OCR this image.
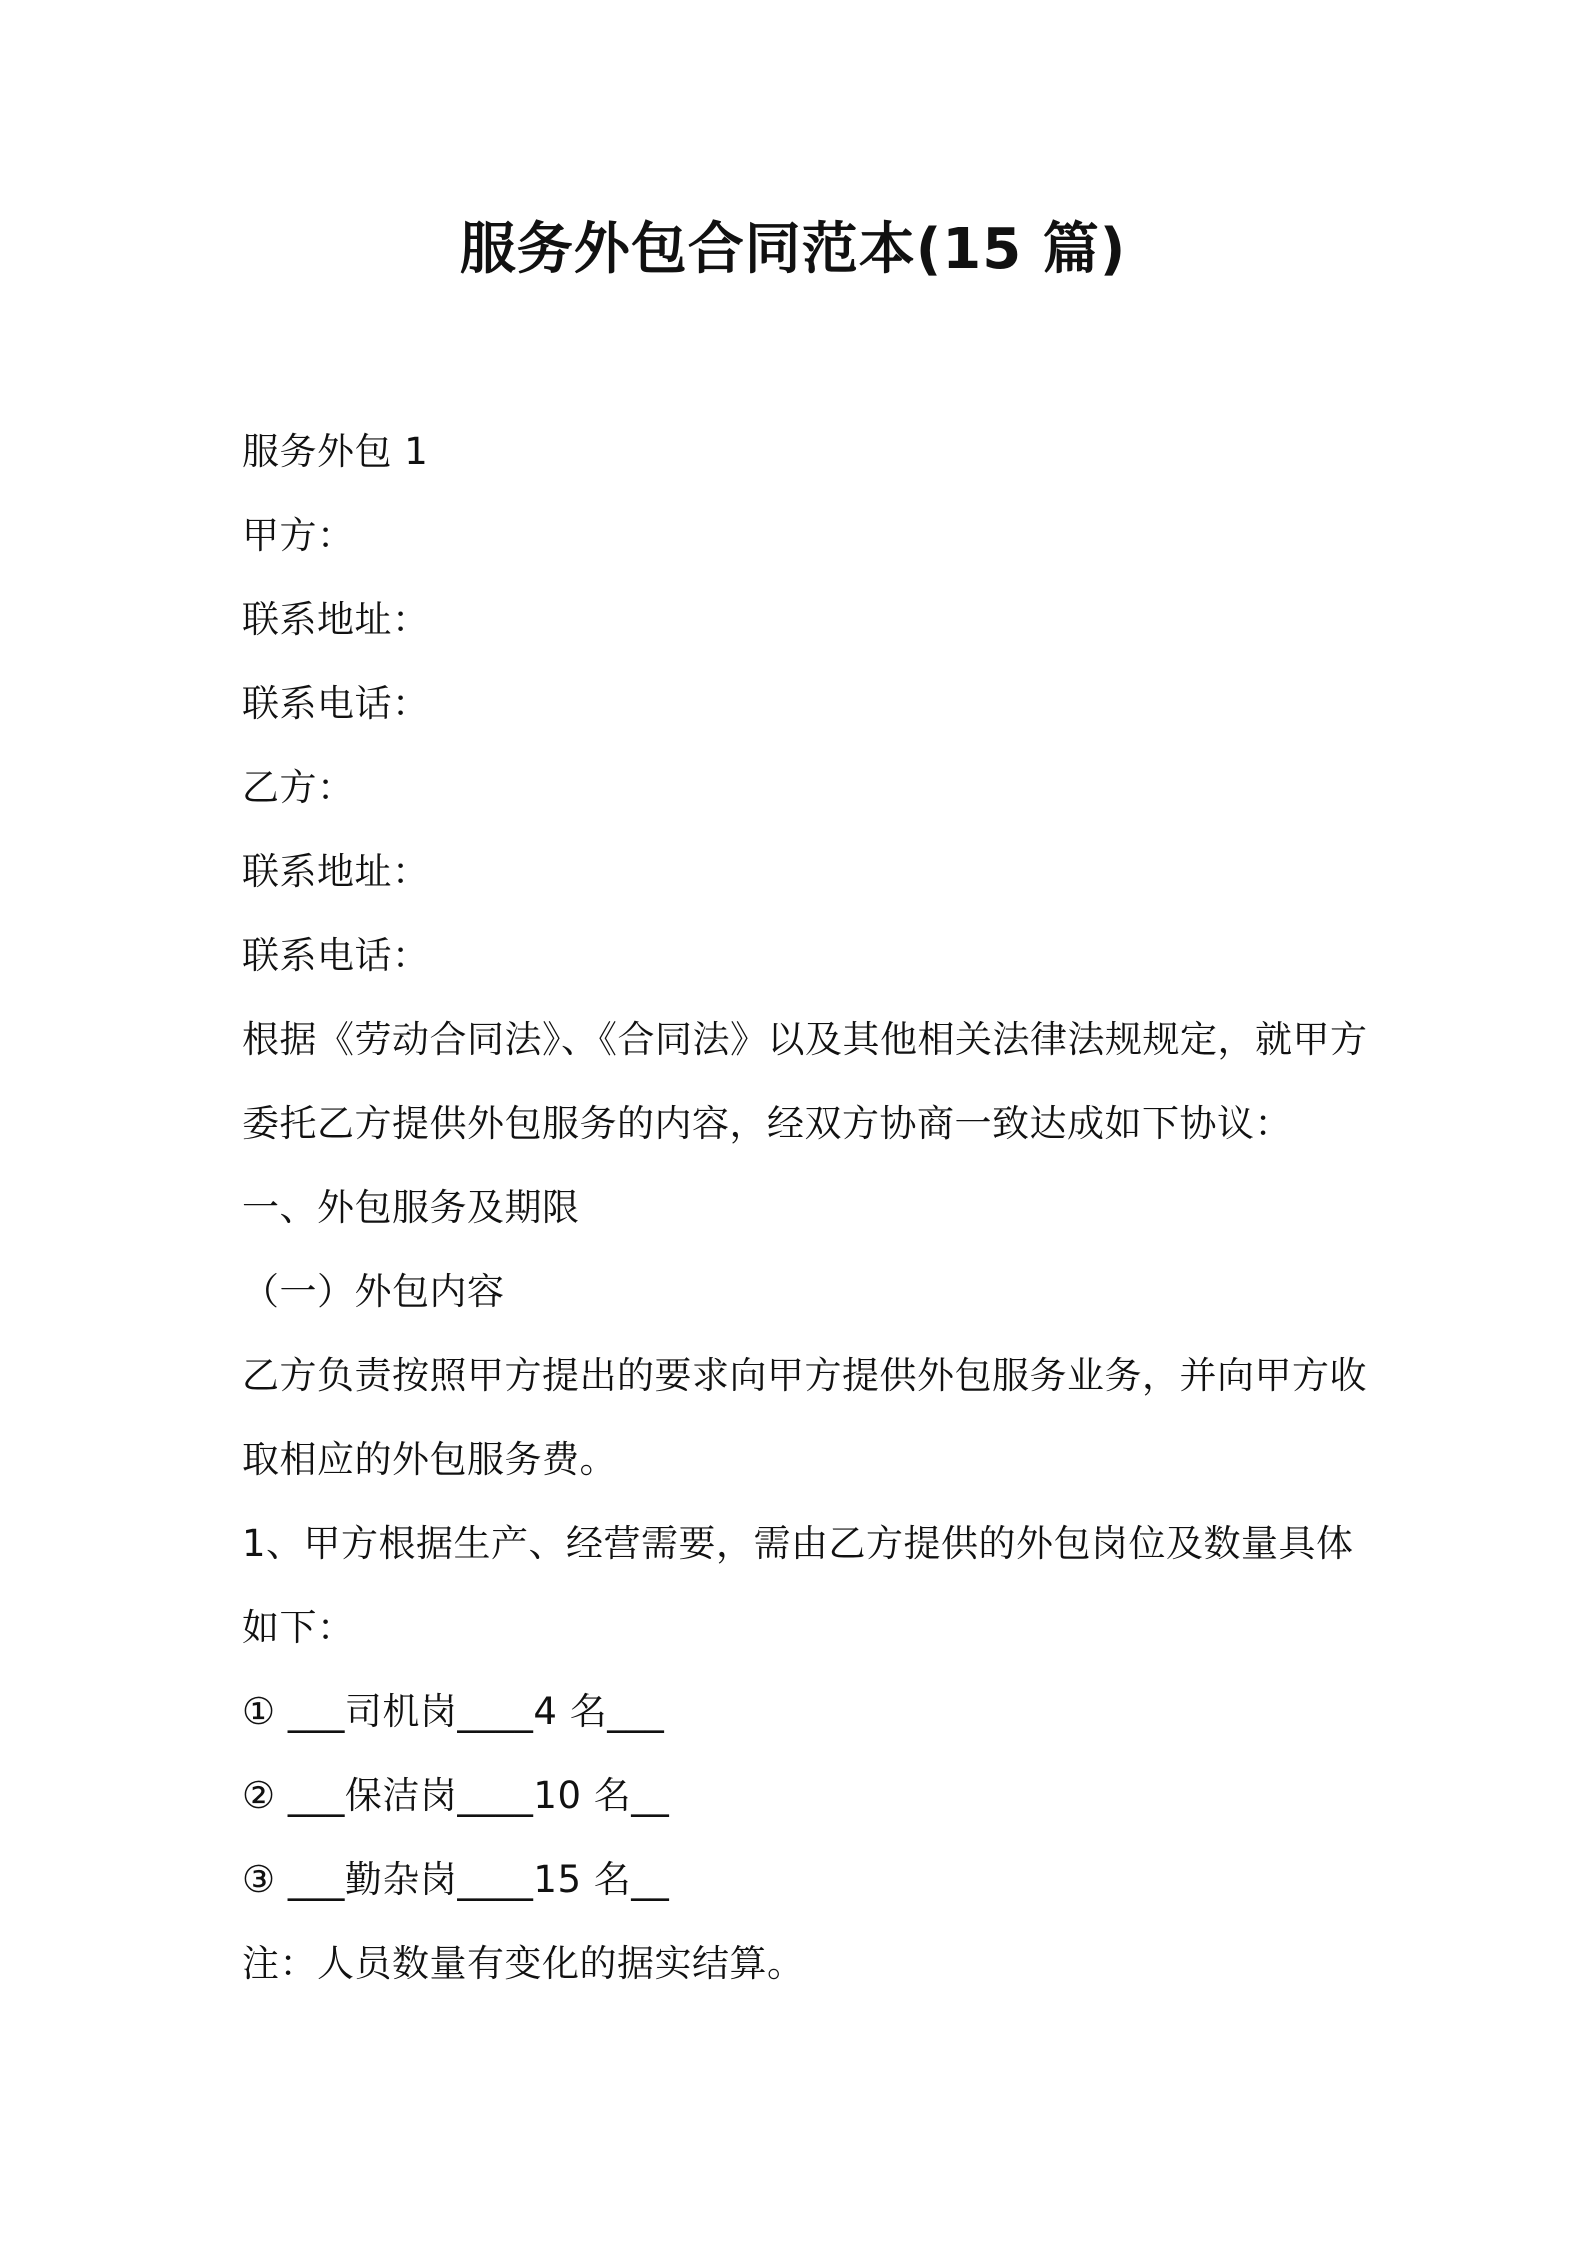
服务外包合同范本(15 篇)
服务外包 1
甲方：
联系地址：
联系电话：
乙方：
联系地址：
联系电话：
根据《劳动合同法》、《合同法》以及其他相关法律法规规定，就甲方
委托乙方提供外包服务的内容，经双方协商一致达成如下协议：
一、外包服务及期限
（一）外包内容
乙方负责按照甲方提出的要求向甲方提供外包服务业务，并向甲方收
取相应的外包服务费。
1、甲方根据生产、经营需要，需由乙方提供的外包岗位及数量具体
如下：
① ___司机岗____4 名___
② ___保洁岗____10 名__
③ ___勤杂岗____15 名__
注：人员数量有变化的据实结算。
